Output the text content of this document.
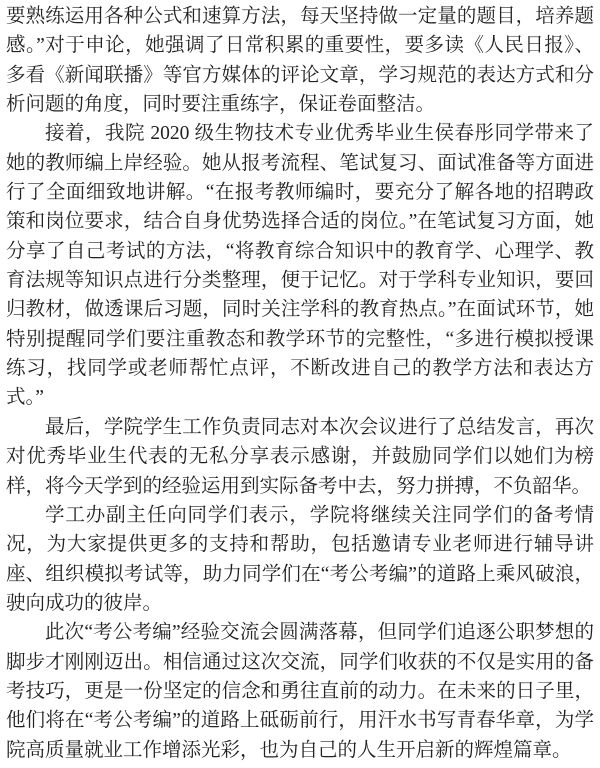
要熟练运用各种公式和速算方法，每天坚持做一定量的题目，培养题感。”对于申论，她强调了日常积累的重要性，要多读《人民日报》、多看《新闻联播》等官方媒体的评论文章，学习规范的表达方式和分析问题的角度，同时要注重练字，保证卷面整洁。

接着，我院 2020 级生物技术专业优秀毕业生侯春彤同学带来了她的教师编上岸经验。她从报考流程、笔试复习、面试准备等方面进行了全面细致地讲解。“在报考教师编时，要充分了解各地的招聘政策和岗位要求，结合自身优势选择合适的岗位。”在笔试复习方面，她分享了自己考试的方法，“将教育综合知识中的教育学、心理学、教育法规等知识点进行分类整理，便于记忆。对于学科专业知识，要回归教材，做透课后习题，同时关注学科的教育热点。”在面试环节，她特别提醒同学们要注重教态和教学环节的完整性，“多进行模拟授课练习，找同学或老师帮忙点评，不断改进自己的教学方法和表达方式。”

最后，学院学生工作负责同志对本次会议进行了总结发言，再次对优秀毕业生代表的无私分享表示感谢，并鼓励同学们以她们为榜样，将今天学到的经验运用到实际备考中去，努力拼搏，不负韶华。

学工办副主任向同学们表示，学院将继续关注同学们的备考情况，为大家提供更多的支持和帮助，包括邀请专业老师进行辅导讲座、组织模拟考试等，助力同学们在“考公考编”的道路上乘风破浪，驶向成功的彼岸。

此次“考公考编”经验交流会圆满落幕，但同学们追逐公职梦想的脚步才刚刚迈出。相信通过这次交流，同学们收获的不仅是实用的备考技巧，更是一份坚定的信念和勇往直前的动力。在未来的日子里，他们将在“考公考编”的道路上砥砺前行，用汗水书写青春华章，为学院高质量就业工作增添光彩，也为自己的人生开启新的辉煌篇章。
